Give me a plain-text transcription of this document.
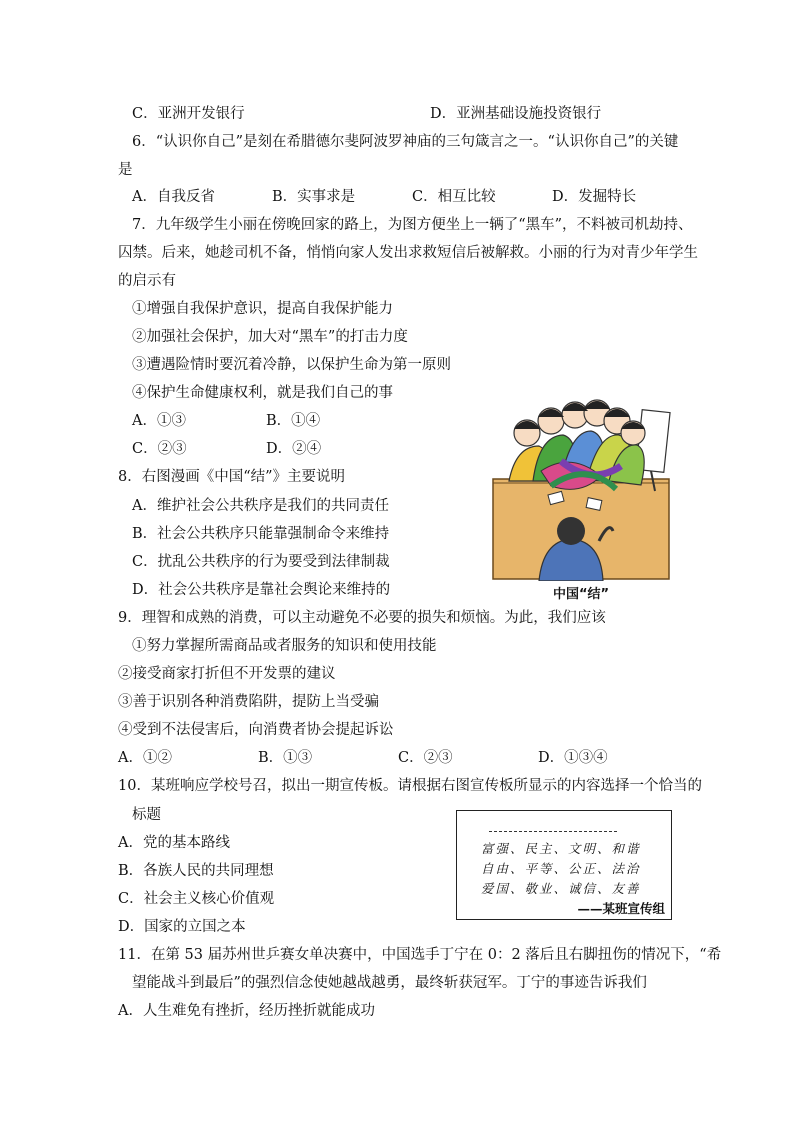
C．亚洲开发银行	D．亚洲基础设施投资银行
6．“认识你自己”是刻在希腊德尔斐阿波罗神庙的三句箴言之一。“认识你自己”的关键
是
A．自我反省	B．实事求是	C．相互比较	D．发掘特长
7．九年级学生小丽在傍晚回家的路上，为图方便坐上一辆了“黑车”，不料被司机劫持、
囚禁。后来，她趁司机不备，悄悄向家人发出求救短信后被解救。小丽的行为对青少年学生
的启示有
①增强自我保护意识，提高自我保护能力
②加强社会保护，加大对“黑车”的打击力度
③遭遇险情时要沉着冷静，以保护生命为第一原则
④保护生命健康权利，就是我们自己的事
A．①③	B．①④
C．②③	D．②④
8．右图漫画《中国“结”》主要说明
A．维护社会公共秩序是我们的共同责任
B．社会公共秩序只能靠强制命令来维持
C．扰乱公共秩序的行为要受到法律制裁
D．社会公共秩序是靠社会舆论来维持的	中国“结”
9．理智和成熟的消费，可以主动避免不必要的损失和烦恼。为此，我们应该
①努力掌握所需商品或者服务的知识和使用技能
②接受商家打折但不开发票的建议
③善于识别各种消费陷阱，提防上当受骗
④受到不法侵害后，向消费者协会提起诉讼
A．①②	B．①③	C．②③	D．①③④
10．某班响应学校号召，拟出一期宣传板。请根据右图宣传板所显示的内容选择一个恰当的
标题
A．党的基本路线
B．各族人民的共同理想
C．社会主义核心价值观
D．国家的立国之本
富强、民主、文明、和谐
自由、平等、公正、法治
爱国、敬业、诚信、友善
——某班宣传组
11．在第 53 届苏州世乒赛女单决赛中，中国选手丁宁在 0：2 落后且右脚扭伤的情况下，“希
望能战斗到最后”的强烈信念使她越战越勇，最终斩获冠军。丁宁的事迹告诉我们
A．人生难免有挫折，经历挫折就能成功
